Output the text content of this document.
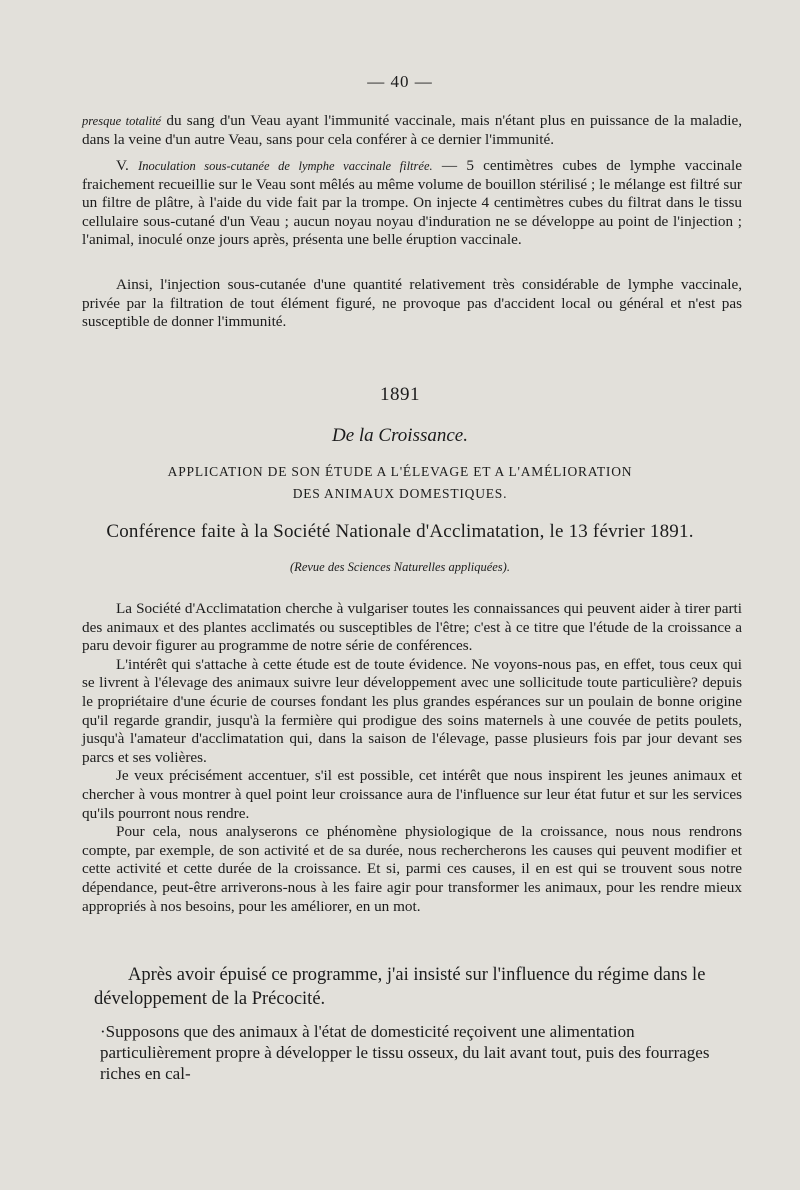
— 40 —

presque totalité du sang d'un Veau ayant l'immunité vaccinale, mais n'étant plus en puissance de la maladie, dans la veine d'un autre Veau, sans pour cela conférer à ce dernier l'immunité.

V. Inoculation sous-cutanée de lymphe vaccinale filtrée. — 5 centimètres cubes de lymphe vaccinale fraichement recueillie sur le Veau sont mêlés au même volume de bouillon stérilisé ; le mélange est filtré sur un filtre de plâtre, à l'aide du vide fait par la trompe. On injecte 4 centimètres cubes du filtrat dans le tissu cellulaire sous-cutané d'un Veau ; aucun noyau noyau d'induration ne se développe au point de l'injection ; l'animal, inoculé onze jours après, présenta une belle éruption vaccinale.

Ainsi, l'injection sous-cutanée d'une quantité relativement très considérable de lymphe vaccinale, privée par la filtration de tout élément figuré, ne provoque pas d'accident local ou général et n'est pas susceptible de donner l'immunité.

1891
De la Croissance.
APPLICATION DE SON ÉTUDE A L'ÉLEVAGE ET A L'AMÉLIORATION
DES ANIMAUX DOMESTIQUES.
Conférence faite à la Société Nationale d'Acclimatation, le 13 février 1891.
(Revue des Sciences Naturelles appliquées).

La Société d'Acclimatation cherche à vulgariser toutes les connaissances qui peuvent aider à tirer parti des animaux et des plantes acclimatés ou susceptibles de l'être; c'est à ce titre que l'étude de la croissance a paru devoir figurer au programme de notre série de conférences.

L'intérêt qui s'attache à cette étude est de toute évidence. Ne voyons-nous pas, en effet, tous ceux qui se livrent à l'élevage des animaux suivre leur développement avec une sollicitude toute particulière? depuis le propriétaire d'une écurie de courses fondant les plus grandes espérances sur un poulain de bonne origine qu'il regarde grandir, jusqu'à la fermière qui prodigue des soins maternels à une couvée de petits poulets, jusqu'à l'amateur d'acclimatation qui, dans la saison de l'élevage, passe plusieurs fois par jour devant ses parcs et ses volières.

Je veux précisément accentuer, s'il est possible, cet intérêt que nous inspirent les jeunes animaux et chercher à vous montrer à quel point leur croissance aura de l'influence sur leur état futur et sur les services qu'ils pourront nous rendre.

Pour cela, nous analyserons ce phénomène physiologique de la croissance, nous nous rendrons compte, par exemple, de son activité et de sa durée, nous rechercherons les causes qui peuvent modifier et cette activité et cette durée de la croissance. Et si, parmi ces causes, il en est qui se trouvent sous notre dépendance, peut-être arriverons-nous à les faire agir pour transformer les animaux, pour les rendre mieux appropriés à nos besoins, pour les améliorer, en un mot.

Après avoir épuisé ce programme, j'ai insisté sur l'influence du régime dans le développement de la Précocité.
·Supposons que des animaux à l'état de domesticité reçoivent une alimentation particulièrement propre à développer le tissu osseux, du lait avant tout, puis des fourrages riches en cal-
